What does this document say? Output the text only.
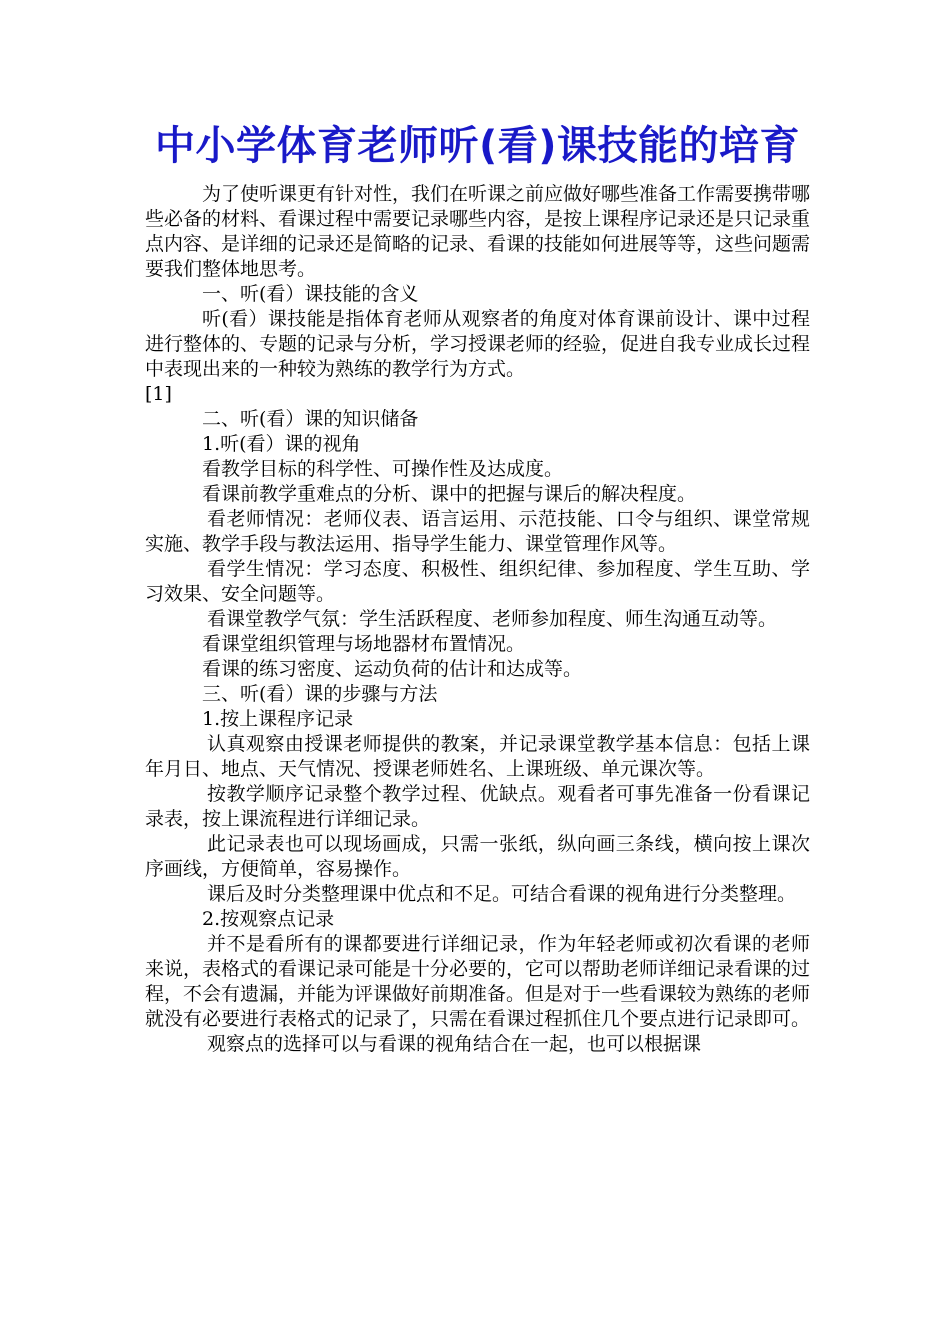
中小学体育老师听(看)课技能的培育

为了使听课更有针对性，我们在听课之前应做好哪些准备工作需要携带哪些必备的材料、看课过程中需要记录哪些内容，是按上课程序记录还是只记录重点内容、是详细的记录还是简略的记录、看课的技能如何进展等等，这些问题需要我们整体地思考。

一、听(看）课技能的含义

听(看）课技能是指体育老师从观察者的角度对体育课前设计、课中过程进行整体的、专题的记录与分析，学习授课老师的经验，促进自我专业成长过程中表现出来的一种较为熟练的教学行为方式。

[1]

二、听(看）课的知识储备

1.听(看）课的视角

看教学目标的科学性、可操作性及达成度。

看课前教学重难点的分析、课中的把握与课后的解决程度。

看老师情况：老师仪表、语言运用、示范技能、口令与组织、课堂常规实施、教学手段与教法运用、指导学生能力、课堂管理作风等。

看学生情况：学习态度、积极性、组织纪律、参加程度、学生互助、学习效果、安全问题等。

看课堂教学气氛：学生活跃程度、老师参加程度、师生沟通互动等。

看课堂组织管理与场地器材布置情况。

看课的练习密度、运动负荷的估计和达成等。

三、听(看）课的步骤与方法

1.按上课程序记录

认真观察由授课老师提供的教案，并记录课堂教学基本信息：包括上课年月日、地点、天气情况、授课老师姓名、上课班级、单元课次等。

按教学顺序记录整个教学过程、优缺点。观看者可事先准备一份看课记录表，按上课流程进行详细记录。

此记录表也可以现场画成，只需一张纸，纵向画三条线，横向按上课次序画线，方便简单，容易操作。

课后及时分类整理课中优点和不足。可结合看课的视角进行分类整理。

2.按观察点记录

并不是看所有的课都要进行详细记录，作为年轻老师或初次看课的老师来说，表格式的看课记录可能是十分必要的，它可以帮助老师详细记录看课的过程，不会有遗漏，并能为评课做好前期准备。但是对于一些看课较为熟练的老师就没有必要进行表格式的记录了，只需在看课过程抓住几个要点进行记录即可。

观察点的选择可以与看课的视角结合在一起，也可以根据课
